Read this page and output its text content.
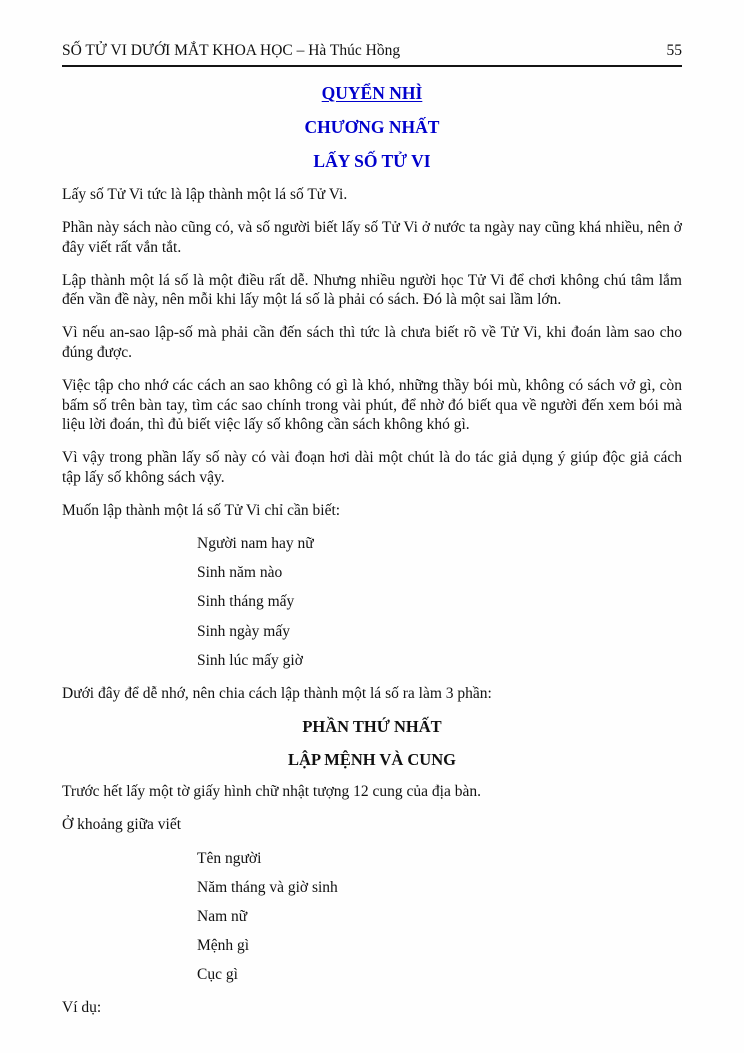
SỐ TỬ VI DƯỚI MẮT KHOA HỌC – Hà Thúc Hồng	55
QUYỂN NHÌ
CHƯƠNG NHẤT
LẤY SỐ TỬ VI

Lấy số Tử Vi tức là lập thành một lá số Tử Vi.

Phần này sách nào cũng có, và số người biết lấy số Tử Vi ở nước ta ngày nay cũng khá nhiều, nên ở đây viết rất vắn tắt.

Lập thành một lá số là một điều rất dễ. Nhưng nhiều người học Tử Vi để chơi không chú tâm lắm đến vần đề này, nên mỗi khi lấy một lá số là phải có sách. Đó là một sai lầm lớn.

Vì nếu an-sao lập-số mà phải cần đến sách thì tức là chưa biết rõ về Tử Vi, khi đoán làm sao cho đúng được.

Việc tập cho nhớ các cách an sao không có gì là khó, những thầy bói mù, không có sách vở gì, còn bấm số trên bàn tay, tìm các sao chính trong vài phút, để nhờ đó biết qua về người đến xem bói mà liệu lời đoán, thì đủ biết việc lấy số không cần sách không khó gì.

Vì vậy trong phần lấy số này có vài đoạn hơi dài một chút là do tác giả dụng ý giúp độc giả cách tập lấy số không sách vậy.

Muốn lập thành một lá số Tử Vi chỉ cần biết:

Người nam hay nữ
Sinh năm nào
Sinh tháng mấy
Sinh ngày mấy
Sinh lúc mấy giờ

Dưới đây để dễ nhớ, nên chia cách lập thành một lá số ra làm 3 phần:

PHẦN THỨ NHẤT
LẬP MỆNH VÀ CUNG

Trước hết lấy một tờ giấy hình chữ nhật tượng 12 cung của địa bàn.

Ở khoảng giữa viết

Tên người
Năm tháng và giờ sinh
Nam nữ
Mệnh gì
Cục gì

Ví dụ:
